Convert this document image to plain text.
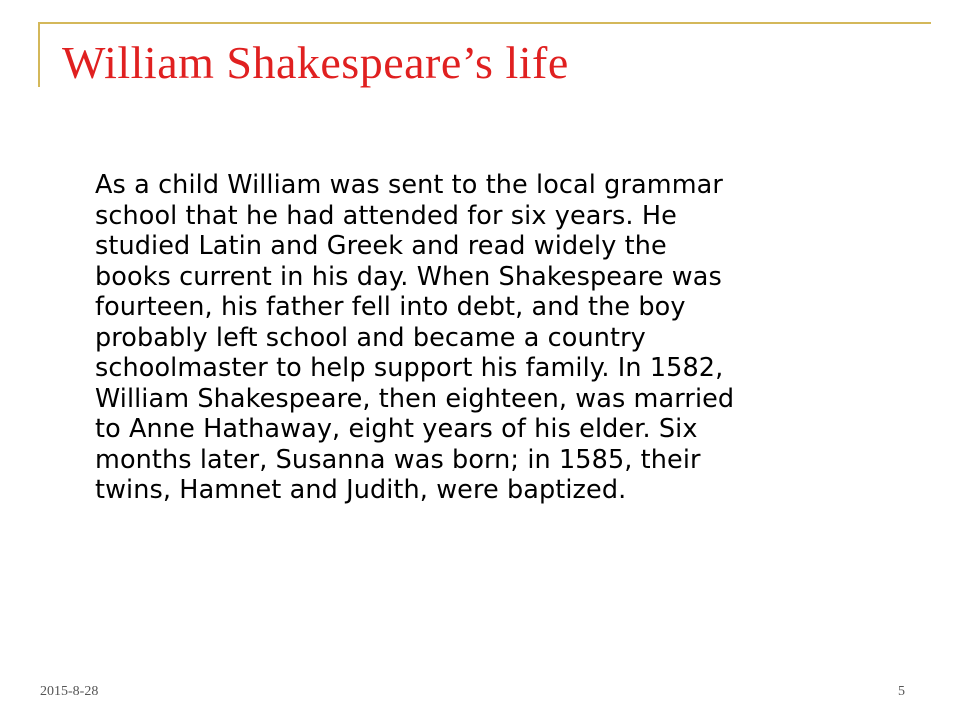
William Shakespeare’s life
As a child William was sent to the local grammar
school that he had attended for six years. He
studied Latin and Greek and read widely the
books current in his day. When Shakespeare was
fourteen, his father fell into debt, and the boy
probably left school and became a country
schoolmaster to help support his family. In 1582,
William Shakespeare, then eighteen, was married
to Anne Hathaway, eight years of his elder. Six
months later, Susanna was born; in 1585, their
twins, Hamnet and Judith, were baptized.
2015-8-28	5
